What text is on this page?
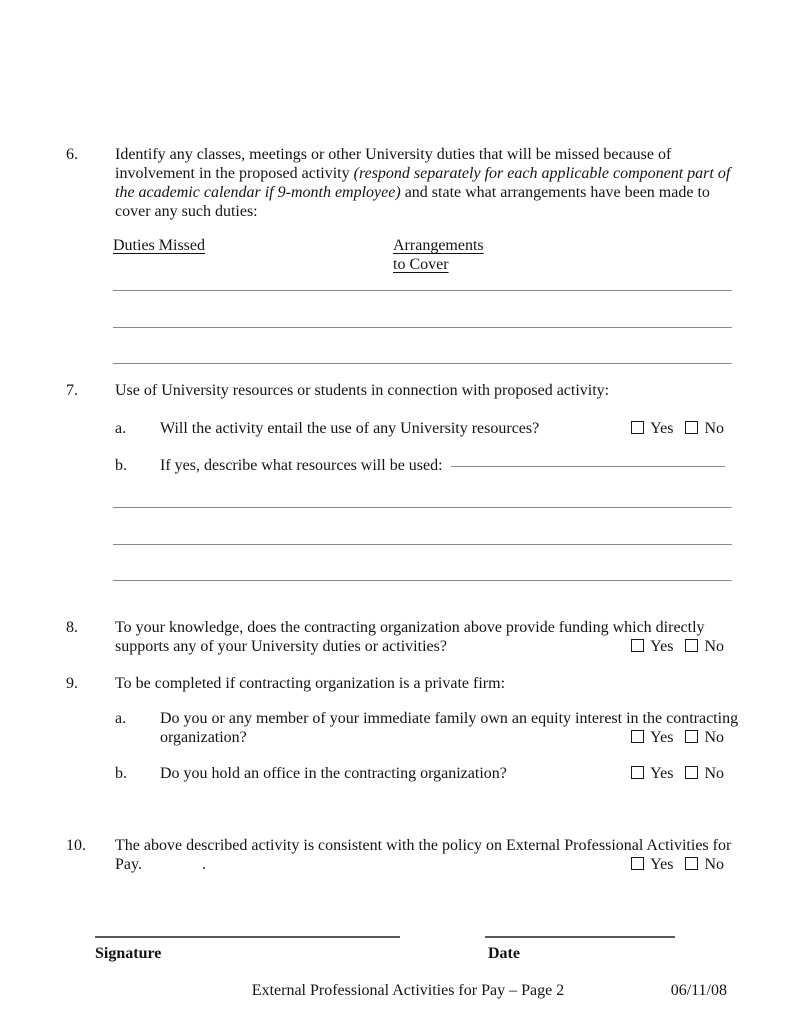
6. Identify any classes, meetings or other University duties that will be missed because of
involvement in the proposed activity (respond separately for each applicable component part of
the academic calendar if 9-month employee) and state what arrangements have been made to
cover any such duties:
Duties Missed	Arrangements to Cover
7. Use of University resources or students in connection with proposed activity:
a. Will the activity entail the use of any University resources?	Yes No
b. If yes, describe what resources will be used:
8. To your knowledge, does the contracting organization above provide funding which directly
supports any of your University duties or activities?	Yes No
9. To be completed if contracting organization is a private firm:
a. Do you or any member of your immediate family own an equity interest in the contracting
organization?	Yes No
b. Do you hold an office in the contracting organization?	Yes No
10. The above described activity is consistent with the policy on External Professional Activities for
Pay.               .	Yes No
Signature	Date
External Professional Activities for Pay – Page 2	06/11/08
